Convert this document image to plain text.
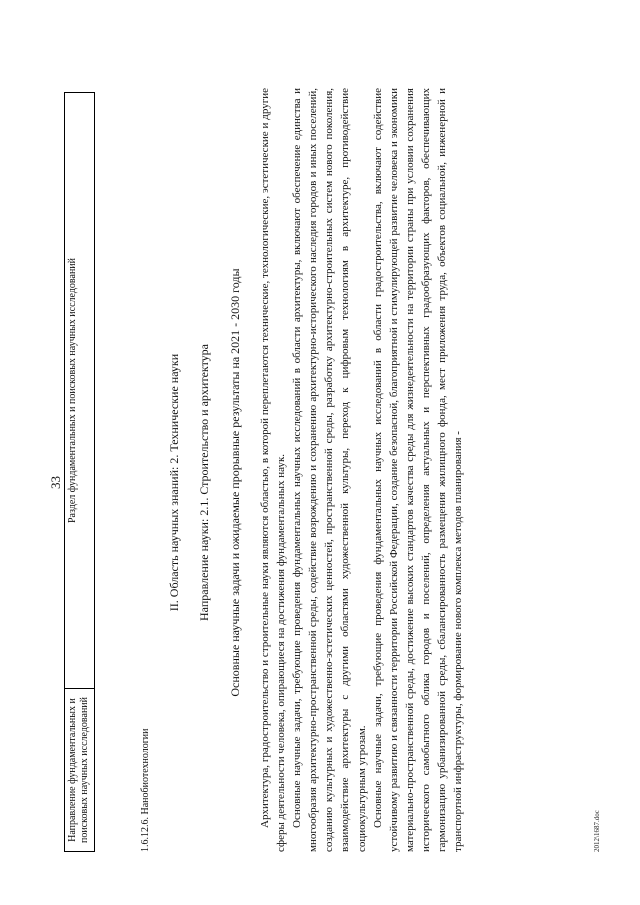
33
Направление фундаментальных и поисковых научных исследований	Раздел фундаментальных и поисковых научных исследований
1.6.12.6. Нанобиотехнологии
II. Область научных знаний: 2. Технические науки Направление науки: 2.1. Строительство и архитектура Основные научные задачи и ожидаемые прорывные результаты на 2021 - 2030 годы Архитектура, градостроительство и строительные науки являются областью, в которой переплетаются технические, технологические, эстетические и другие сферы деятельности человека, опирающиеся на достижения фундаментальных наук. Основные научные задачи, требующие проведения фундаментальных научных исследований в области архитектуры, включают обеспечение единства и многообразия архитектурно-пространственной среды, содействие возрождению и сохранению архитектурно-исторического наследия городов и иных поселений, созданию культурных и художественно-эстетических ценностей, пространственной среды, разработку архитектурно-строительных систем нового поколения, взаимодействие архитектуры с другими областями художественной культуры, переход к цифровым технологиям в архитектуре, противодействие социокультурным угрозам. Основные научные задачи, требующие проведения фундаментальных научных исследований в области градостроительства, включают содействие устойчивому развитию и связанности территории Российской Федерации, создание безопасной, благоприятной и стимулирующей развитие человека и экономики материально-пространственной среды, достижение высоких стандартов качества среды для жизнедеятельности на территории страны при условии сохранения исторического самобытного облика городов и поселений, определения актуальных и перспективных градообразующих факторов, обеспечивающих гармонизацию урбанизированной среды, сбалансированность размещения жилищного фонда, мест приложения труда, объектов социальной, инженерной и транспортной инфраструктуры, формирование нового комплекса методов планирования -	2012\1687.doc
